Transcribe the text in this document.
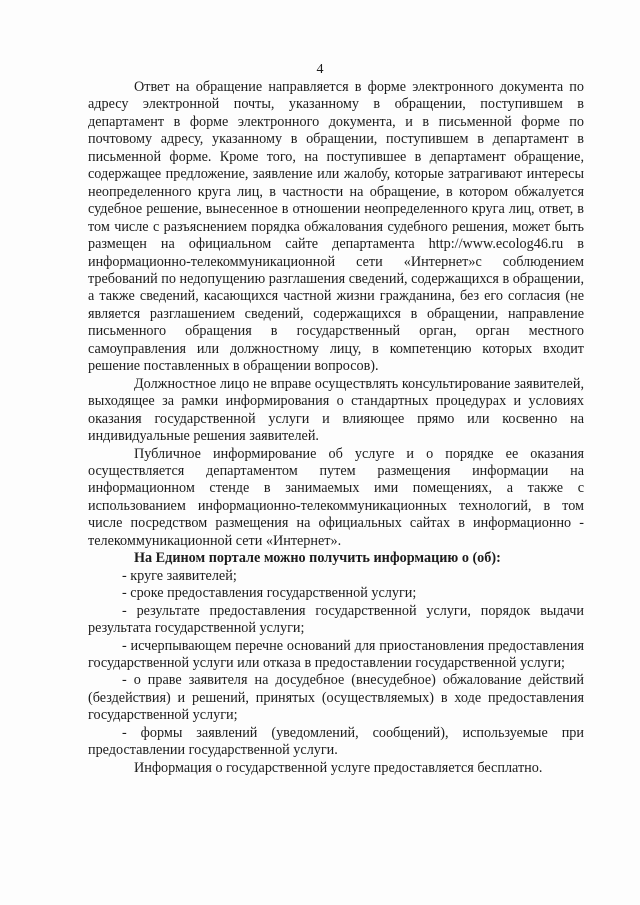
4

Ответ на обращение направляется в форме электронного документа по адресу электронной почты, указанному в обращении, поступившем в департамент в форме электронного документа, и в письменной форме по почтовому адресу, указанному в обращении, поступившем в департамент в письменной форме. Кроме того, на поступившее в департамент обращение, содержащее предложение, заявление или жалобу, которые затрагивают интересы неопределенного круга лиц, в частности на обращение, в котором обжалуется судебное решение, вынесенное в отношении неопределенного круга лиц, ответ, в том числе с разъяснением порядка обжалования судебного решения, может быть размещен на официальном сайте департамента http://www.ecolog46.ru в информационно-телекоммуникационной сети «Интернет»с соблюдением требований по недопущению разглашения сведений, содержащихся в обращении, а также сведений, касающихся частной жизни гражданина, без его согласия (не является разглашением сведений, содержащихся в обращении, направление письменного обращения в государственный орган, орган местного самоуправления или должностному лицу, в компетенцию которых входит решение поставленных в обращении вопросов).

Должностное лицо не вправе осуществлять консультирование заявителей, выходящее за рамки информирования о стандартных процедурах и условиях оказания государственной услуги и влияющее прямо или косвенно на индивидуальные решения заявителей.

Публичное информирование об услуге и о порядке ее оказания осуществляется департаментом путем размещения информации на информационном стенде в занимаемых ими помещениях, а также с использованием информационно-телекоммуникационных технологий, в том числе посредством размещения на официальных сайтах в информационно - телекоммуникационной сети «Интернет».

На Едином портале можно получить информацию о (об):

- круге заявителей;

- сроке предоставления государственной услуги;

- результате предоставления государственной услуги, порядок выдачи результата государственной услуги;

- исчерпывающем перечне оснований для приостановления предоставления государственной услуги или отказа в предоставлении государственной услуги;

- о праве заявителя на досудебное (внесудебное) обжалование действий (бездействия) и решений, принятых (осуществляемых) в ходе предоставления государственной услуги;

- формы заявлений (уведомлений, сообщений), используемые при предоставлении государственной услуги.

Информация о государственной услуге предоставляется бесплатно.
